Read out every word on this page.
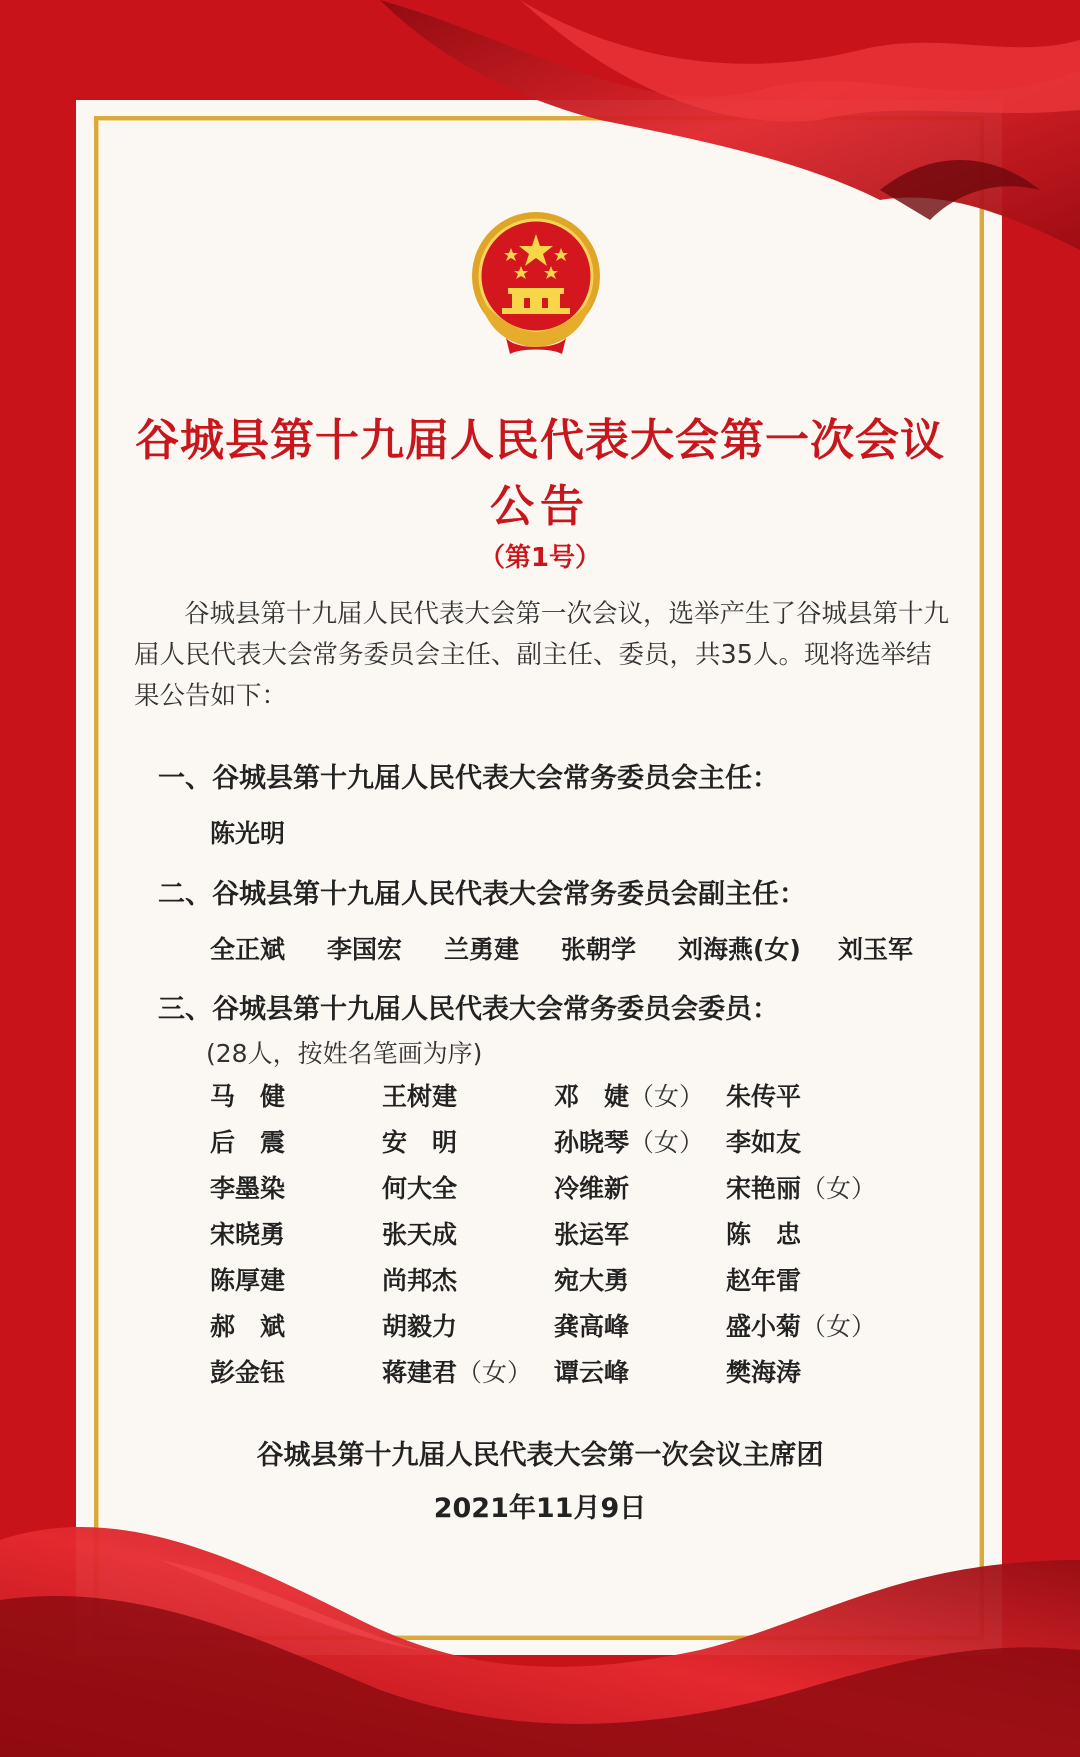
谷城县第十九届人民代表大会第一次会议
公告
（第1号）
谷城县第十九届人民代表大会第一次会议，选举产生了谷城县第十九届人民代表大会常务委员会主任、副主任、委员，共35人。现将选举结果公告如下：
一、谷城县第十九届人民代表大会常务委员会主任：
陈光明
二、谷城县第十九届人民代表大会常务委员会副主任：
全正斌 李国宏 兰勇建 张朝学 刘海燕(女) 刘玉军
三、谷城县第十九届人民代表大会常务委员会委员：
(28人，按姓名笔画为序)
马　健	王树建	邓　婕（女） 朱传平
后　震	安　明	孙晓琴（女） 李如友
李墨染	何大全	冷维新	宋艳丽（女）
宋晓勇	张天成	张运军	陈　忠
陈厚建	尚邦杰	宛大勇	赵年雷
郝　斌	胡毅力	龚高峰	盛小菊（女）
彭金钰	蒋建君（女） 谭云峰	樊海涛
谷城县第十九届人民代表大会第一次会议主席团
2021年11月9日
